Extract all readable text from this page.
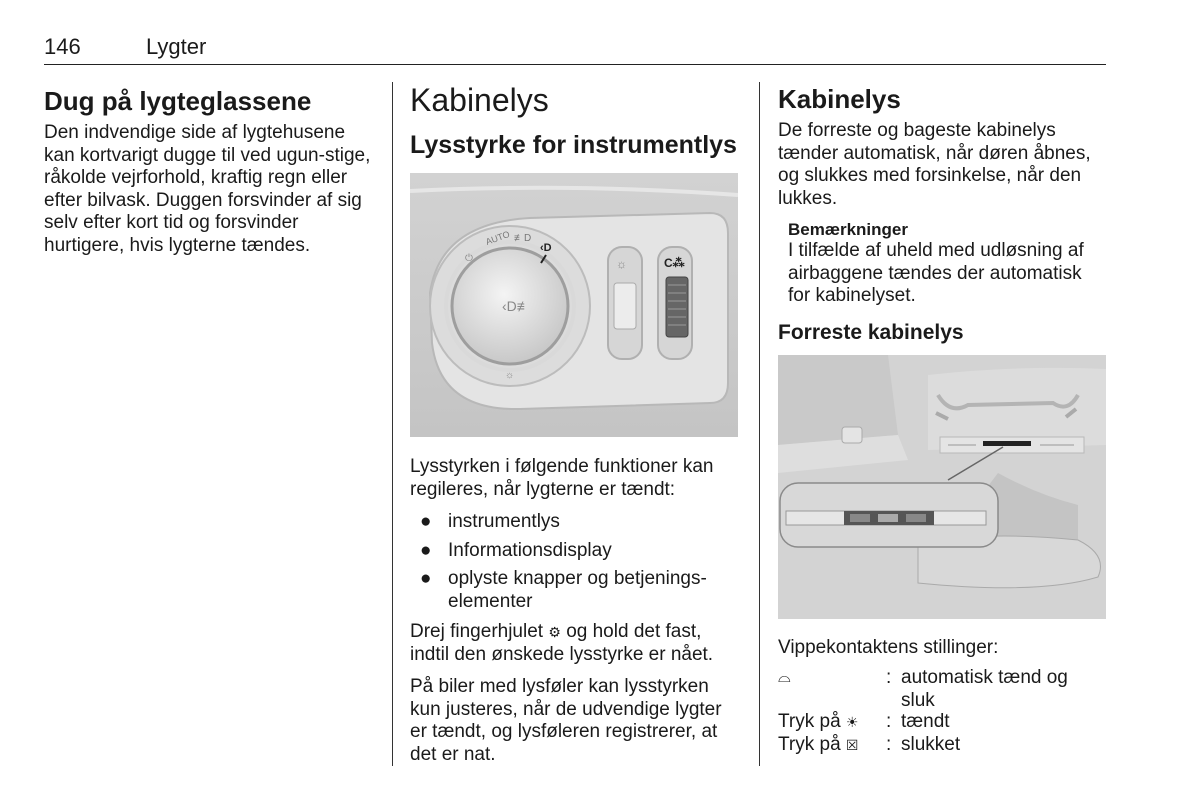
146	Lygter
Dug på lygteglassene

Den indvendige side af lygtehusene kan kortvarigt dugge til ved ugun-stige, råkolde vejrforhold, kraftig regn eller efter bilvask. Duggen forsvinder af sig selv efter kort tid og forsvinder hurtigere, hvis lygterne tændes.

Kabinelys
Lysstyrke for instrumentlys
AUTO ≢D
‹D
⏻
☼
‹D≢
☼	C⁂

Lysstyrken i følgende funktioner kan regileres, når lygterne er tændt:

● instrumentlys
● Informationsdisplay
● oplyste knapper og betjenings-elementer

Drej fingerhjulet ⚙ og hold det fast, indtil den ønskede lysstyrke er nået.

På biler med lysføler kan lysstyrken kun justeres, når de udvendige lygter er tændt, og lysføleren registrerer, at det er nat.

Kabinelys

De forreste og bageste kabinelys tænder automatisk, når døren åbnes, og slukkes med forsinkelse, når den lukkes.

Bemærkninger
I tilfælde af uheld med udløsning af airbaggene tændes der automatisk for kabinelyset.
Forreste kabinelys
Vippekontaktens stillinger:
⌓	: automatisk tænd og sluk
Tryk på ☀ : tændt
Tryk på ☒ : slukket
